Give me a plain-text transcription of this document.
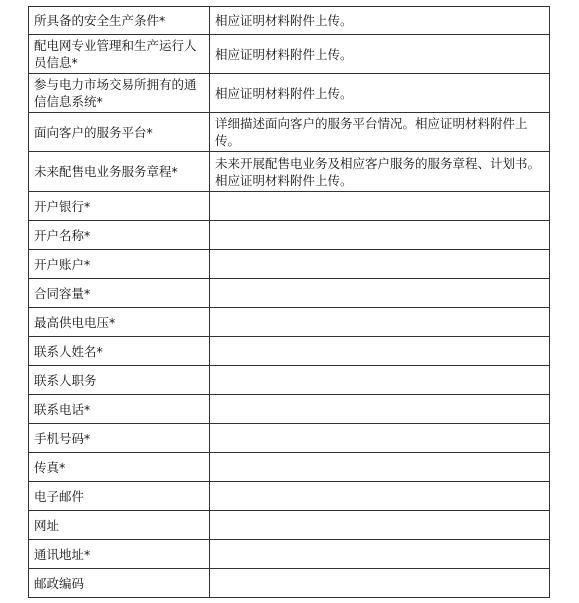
所具备的安全生产条件*	相应证明材料附件上传。
配电网专业管理和生产运行人员信息*	相应证明材料附件上传。
参与电力市场交易所拥有的通信信息系统*	相应证明材料附件上传。
面向客户的服务平台*	详细描述面向客户的服务平台情况。相应证明材料附件上传。
未来配售电业务服务章程*	未来开展配售电业务及相应客户服务的服务章程、计划书。相应证明材料附件上传。
开户银行*	
开户名称*	
开户账户*	
合同容量*	
最高供电电压*	
联系人姓名*	
联系人职务	
联系电话*	
手机号码*	
传真*	
电子邮件	
网址	
通讯地址*	
邮政编码	
